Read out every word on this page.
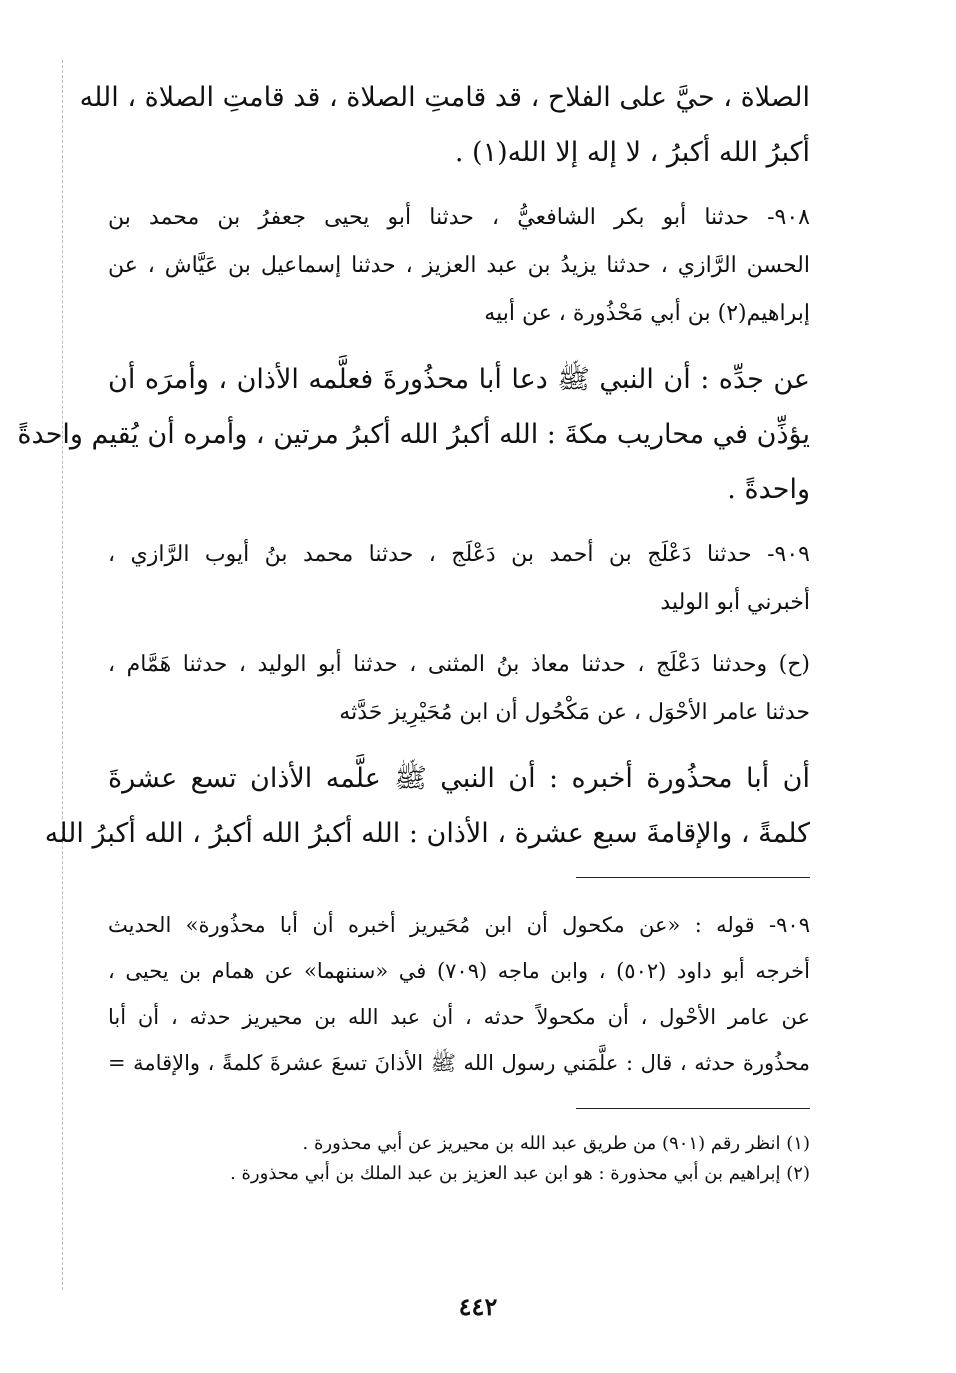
الصلاة ، حيَّ على الفلاح ، قد قامتِ الصلاة ، قد قامتِ الصلاة ، الله
أكبرُ الله أكبرُ ، لا إله إلا الله(١) .
٩٠٨- حدثنا أبو بكر الشافعيُّ ، حدثنا أبو يحيى جعفرُ بن محمد بن
الحسن الرَّازي ، حدثنا يزيدُ بن عبد العزيز ، حدثنا إسماعيل بن عَيَّاش ، عن
إبراهيم(٢) بن أبي مَحْذُورة ، عن أبيه
عن جدِّه : أن النبي ﷺ دعا أبا محذُورةَ فعلَّمه الأذان ، وأمرَه أن
يؤذِّن في محاريب مكةَ : الله أكبرُ الله أكبرُ مرتين ، وأمره أن يُقيم واحدةً
واحدةً .
٩٠٩- حدثنا دَعْلَج بن أحمد بن دَعْلَج ، حدثنا محمد بنُ أيوب الرَّازي ،
أخبرني أبو الوليد
(ح) وحدثنا دَعْلَج ، حدثنا معاذ بنُ المثنى ، حدثنا أبو الوليد ، حدثنا هَمَّام ،
حدثنا عامر الأحْوَل ، عن مَكْحُول أن ابن مُحَيْرِيز حَدَّثه
أن أبا محذُورة أخبره : أن النبي ﷺ علَّمه الأذان تسع عشرةَ
كلمةً ، والإقامةَ سبع عشرة ، الأذان : الله أكبرُ الله أكبرُ ، الله أكبرُ الله
٩٠٩- قوله : «عن مكحول أن ابن مُحَيريز أخبره أن أبا محذُورة» الحديث
أخرجه أبو داود (٥٠٢) ، وابن ماجه (٧٠٩) في «سننهما» عن همام بن يحيى ،
عن عامر الأحْول ، أن مكحولاً حدثه ، أن عبد الله بن محيريز حدثه ، أن أبا
محذُورة حدثه ، قال : علَّمَني رسول الله ﷺ الأذانَ تسعَ عشرةَ كلمةً ، والإقامة =
(١) انظر رقم (٩٠١) من طريق عبد الله بن محيريز عن أبي محذورة .
(٢) إبراهيم بن أبي محذورة : هو ابن عبد العزيز بن عبد الملك بن أبي محذورة .
٤٤٢
